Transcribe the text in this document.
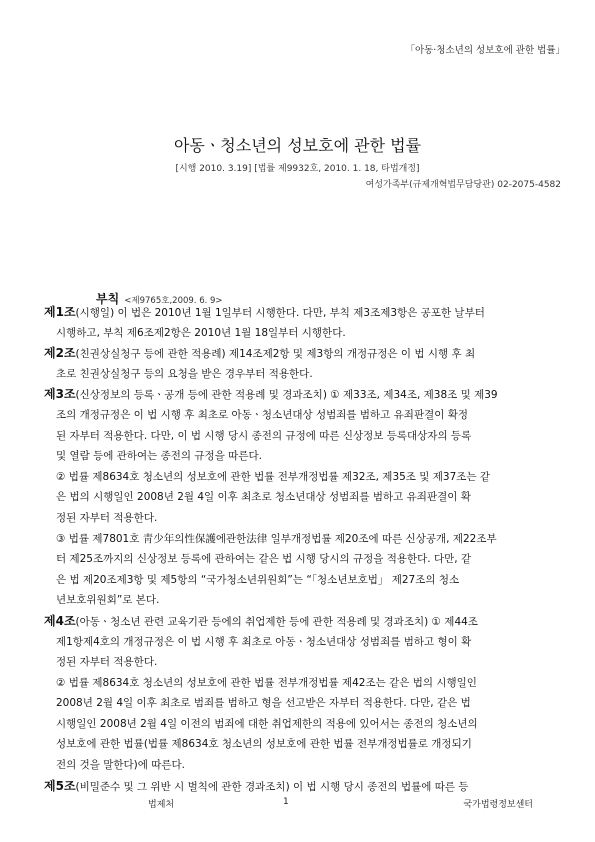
「아동·청소년의 성보호에 관한 법률」
아동ㆍ청소년의 성보호에 관한 법률
[시행 2010. 3.19] [법률 제9932호, 2010. 1. 18, 타법개정]
여성가족부(규제개혁법무담당관) 02-2075-4582
부칙 <제9765호,2009. 6. 9>
제1조(시행일) 이 법은 2010년 1월 1일부터 시행한다. 다만, 부칙 제3조제3항은 공포한 날부터
시행하고, 부칙 제6조제2항은 2010년 1월 18일부터 시행한다.
제2조(친권상실청구 등에 관한 적용례) 제14조제2항 및 제3항의 개정규정은 이 법 시행 후 최
초로 친권상실청구 등의 요청을 받은 경우부터 적용한다.
제3조(신상정보의 등록ㆍ공개 등에 관한 적용례 및 경과조치) ① 제33조, 제34조, 제38조 및 제39
조의 개정규정은 이 법 시행 후 최초로 아동ㆍ청소년대상 성범죄를 범하고 유죄판결이 확정
된 자부터 적용한다. 다만, 이 법 시행 당시 종전의 규정에 따른 신상정보 등록대상자의 등록
및 열람 등에 관하여는 종전의 규정을 따른다.
② 법률 제8634호 청소년의 성보호에 관한 법률 전부개정법률 제32조, 제35조 및 제37조는 같
은 법의 시행일인 2008년 2월 4일 이후 최초로 청소년대상 성범죄를 범하고 유죄판결이 확
정된 자부터 적용한다.
③ 법률 제7801호 靑少年의性保護에관한法律 일부개정법률 제20조에 따른 신상공개, 제22조부
터 제25조까지의 신상정보 등록에 관하여는 같은 법 시행 당시의 규정을 적용한다. 다만, 같
은 법 제20조제3항 및 제5항의 “국가청소년위원회”는 “「청소년보호법」 제27조의 청소
년보호위원회”로 본다.
제4조(아동ㆍ청소년 관련 교육기관 등에의 취업제한 등에 관한 적용례 및 경과조치) ① 제44조
제1항제4호의 개정규정은 이 법 시행 후 최초로 아동ㆍ청소년대상 성범죄를 범하고 형이 확
정된 자부터 적용한다.
② 법률 제8634호 청소년의 성보호에 관한 법률 전부개정법률 제42조는 같은 법의 시행일인
2008년 2월 4일 이후 최초로 범죄를 범하고 형을 선고받은 자부터 적용한다. 다만, 같은 법
시행일인 2008년 2월 4일 이전의 범죄에 대한 취업제한의 적용에 있어서는 종전의 청소년의
성보호에 관한 법률(법률 제8634호 청소년의 성보호에 관한 법률 전부개정법률로 개정되기
전의 것을 말한다)에 따른다.
제5조(비밀준수 및 그 위반 시 벌칙에 관한 경과조치) 이 법 시행 당시 종전의 법률에 따른 등
법제처	1	국가법령정보센터
